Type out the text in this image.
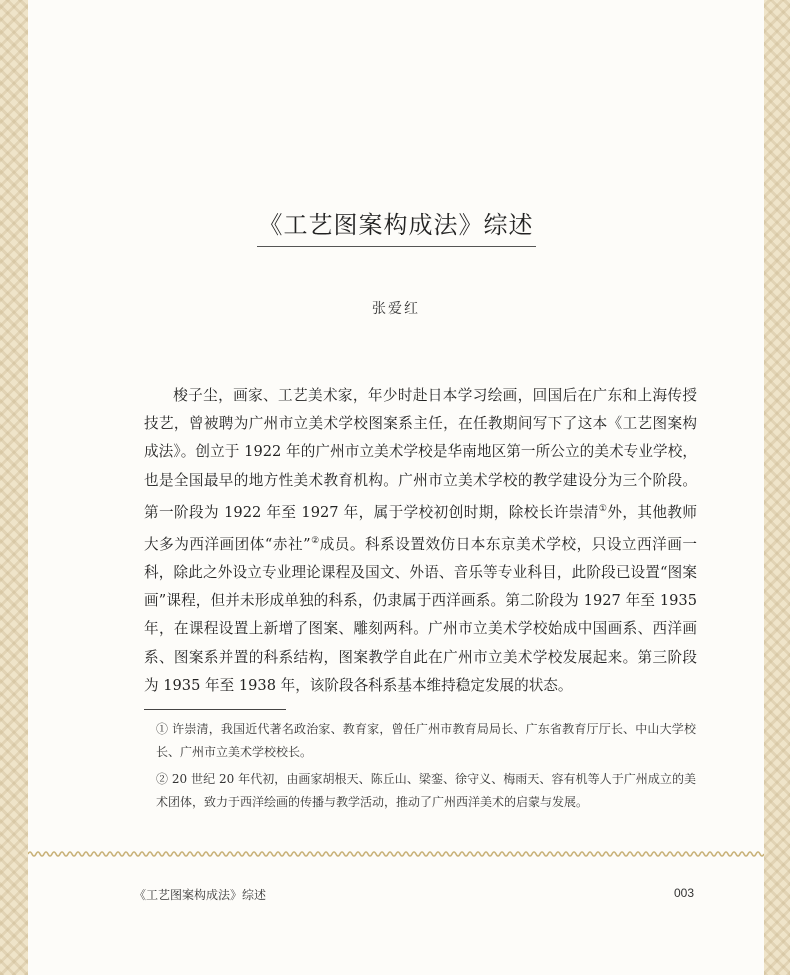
《工艺图案构成法》综述
张爱红

梭子尘，画家、工艺美术家，年少时赴日本学习绘画，回国后在广东和上海传授技艺，曾被聘为广州市立美术学校图案系主任，在任教期间写下了这本《工艺图案构成法》。创立于 1922 年的广州市立美术学校是华南地区第一所公立的美术专业学校，也是全国最早的地方性美术教育机构。广州市立美术学校的教学建设分为三个阶段。第一阶段为 1922 年至 1927 年，属于学校初创时期，除校长许崇清①外，其他教师大多为西洋画团体“赤社”②成员。科系设置效仿日本东京美术学校，只设立西洋画一科，除此之外设立专业理论课程及国文、外语、音乐等专业科目，此阶段已设置“图案画”课程，但并未形成单独的科系，仍隶属于西洋画系。第二阶段为 1927 年至 1935 年，在课程设置上新增了图案、雕刻两科。广州市立美术学校始成中国画系、西洋画系、图案系并置的科系结构，图案教学自此在广州市立美术学校发展起来。第三阶段为 1935 年至 1938 年，该阶段各科系基本维持稳定发展的状态。

① 许崇清，我国近代著名政治家、教育家，曾任广州市教育局局长、广东省教育厅厅长、中山大学校长、广州市立美术学校校长。

② 20 世纪 20 年代初，由画家胡根天、陈丘山、梁銮、徐守义、梅雨天、容有机等人于广州成立的美术团体，致力于西洋绘画的传播与教学活动，推动了广州西洋美术的启蒙与发展。

《工艺图案构成法》综述	003
